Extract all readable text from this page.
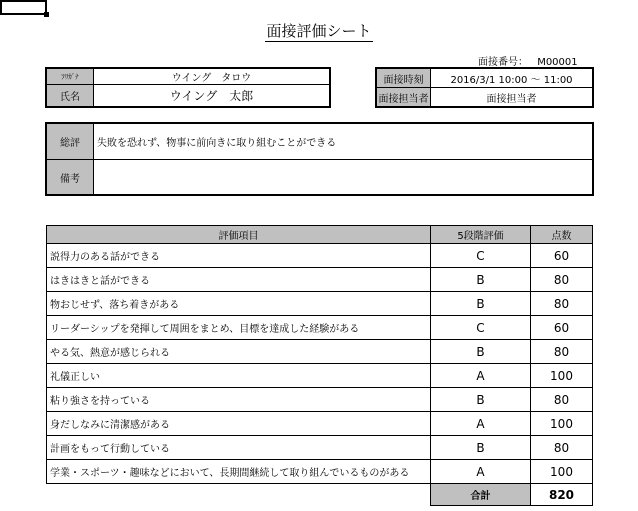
面接評価シート
面接番号： M00001
ﾌﾘｶﾞﾅ	ウイング　タロウ
氏名	ウイング　太郎
面接時刻	2016/3/1 10:00 ～ 11:00
面接担当者	面接担当者
総評	失敗を恐れず、物事に前向きに取り組むことができる
備考	
評価項目	5段階評価	点数
説得力のある話ができる	C	60
はきはきと話ができる	B	80
物おじせず、落ち着きがある	B	80
リーダーシップを発揮して周囲をまとめ、目標を達成した経験がある	C	60
やる気、熱意が感じられる	B	80
礼儀正しい	A	100
粘り強さを持っている	B	80
身だしなみに清潔感がある	A	100
計画をもって行動している	B	80
学業・スポーツ・趣味などにおいて、長期間継続して取り組んでいるものがある	A	100
	合計	820
